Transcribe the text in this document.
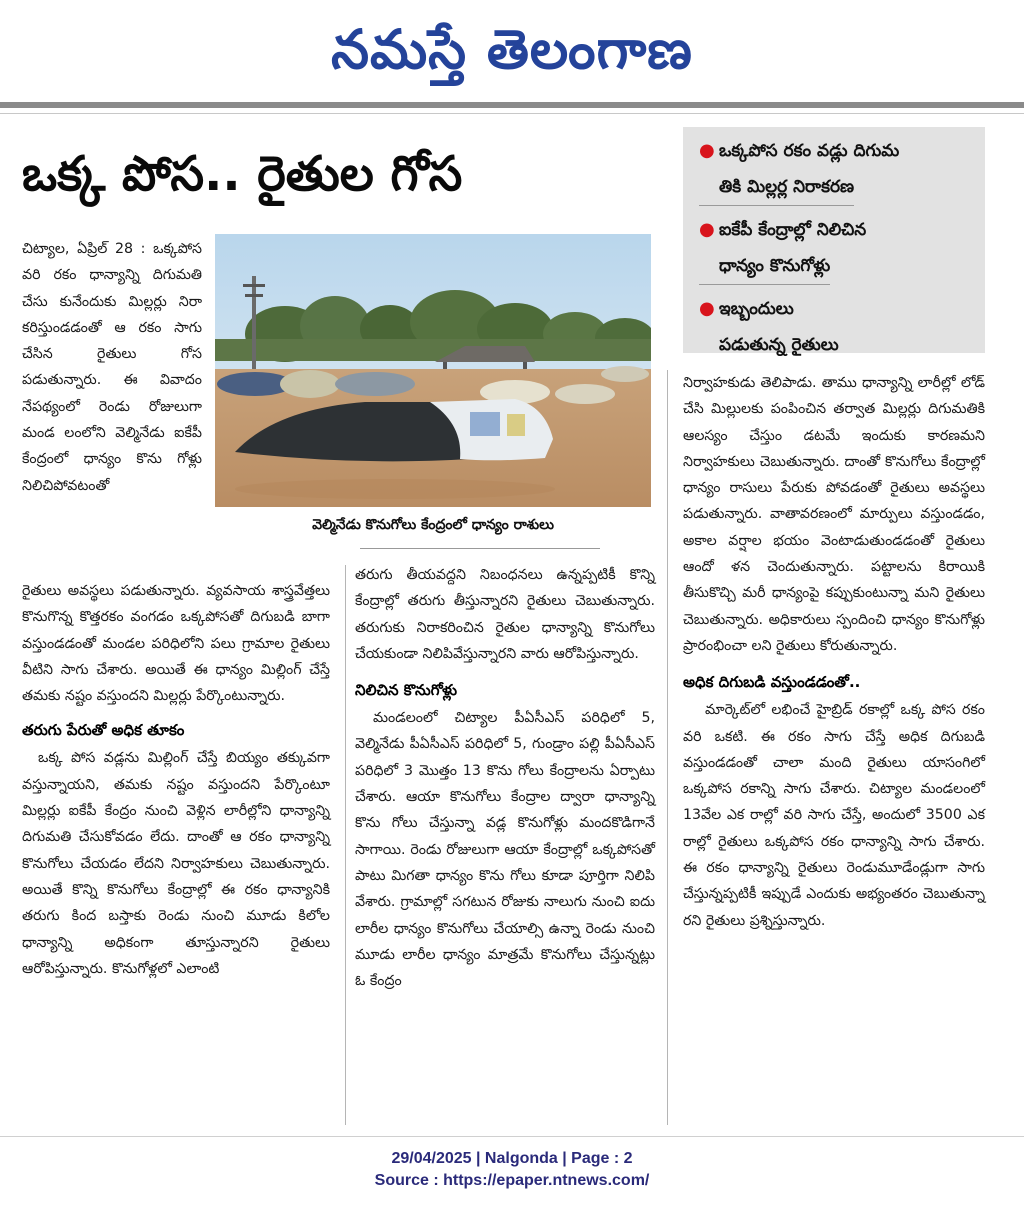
నమస్తే తెలంగాణ
ఒక్క పోస.. రైతుల గోస	● ఒక్కపోస రకం వడ్లు దిగుమ
తికి మిల్లర్ల నిరాకరణ
● ఐకేపీ కేంద్రాల్లో నిలిచిన
ధాన్యం కొనుగోళ్లు
● ఇబ్బందులు
పడుతున్న రైతులు
వెల్మినేడు కొనుగోలు కేంద్రంలో ధాన్యం రాశులు

చిట్యాల, ఏప్రిల్ 28 : ఒక్కపోస వరి రకం ధాన్యాన్ని దిగుమతి చేసు కునేందుకు మిల్లర్లు నిరా కరిస్తుండడంతో ఆ రకం సాగు చేసిన రైతులు గోస పడుతున్నారు. ఈ వివాదం నేపథ్యంలో రెండు రోజులుగా మండ లంలోని వెల్మినేడు ఐకేపీ కేంద్రంలో ధాన్యం కొను గోళ్లు నిలిచిపోవటంతో

రైతులు అవస్థలు పడుతున్నారు. వ్యవసాయ శాస్త్రవేత్తలు కొనుగొన్న కొత్తరకం వంగడం ఒక్కపోసతో దిగుబడి బాగా వస్తుండడంతో మండల పరిధిలోని పలు గ్రామాల రైతులు వీటిని సాగు చేశారు. అయితే ఈ ధాన్యం మిల్లింగ్ చేస్తే తమకు నష్టం వస్తుందని మిల్లర్లు పేర్కొంటున్నారు.

తరుగు పేరుతో అధిక తూకం

ఒక్క పోస వడ్లను మిల్లింగ్ చేస్తే బియ్యం తక్కువగా వస్తున్నాయని, తమకు నష్టం వస్తుందని పేర్కొంటూ మిల్లర్లు ఐకేపీ కేంద్రం నుంచి వెళ్లిన లారీల్లోని ధాన్యాన్ని దిగుమతి చేసుకోవడం లేదు. దాంతో ఆ రకం ధాన్యాన్ని కొనుగోలు చేయడం లేదని నిర్వాహకులు చెబుతున్నారు. అయితే కొన్ని కొనుగోలు కేంద్రాల్లో ఈ రకం ధాన్యానికి తరుగు కింద బస్తాకు రెండు నుంచి మూడు కిలోల ధాన్యాన్ని అధికంగా తూస్తున్నారని రైతులు ఆరోపిస్తున్నారు. కొనుగోళ్లలో ఎలాంటి

తరుగు తీయవద్దని నిబంధనలు ఉన్నప్పటికీ కొన్ని కేంద్రాల్లో తరుగు తీస్తున్నారని రైతులు చెబుతున్నారు. తరుగుకు నిరాకరించిన రైతుల ధాన్యాన్ని కొనుగోలు చేయకుండా నిలిపివేస్తున్నారని వారు ఆరోపిస్తున్నారు.

నిలిచిన కొనుగోళ్లు

మండలంలో చిట్యాల పీఏసీఎస్ పరిధిలో 5, వెల్మినేడు పీఏసీఎస్ పరిధిలో 5, గుండ్రాం పల్లి పీఏసీఎస్ పరిధిలో 3 మొత్తం 13 కొను గోలు కేంద్రాలను ఏర్పాటు చేశారు. ఆయా కొనుగోలు కేంద్రాల ద్వారా ధాన్యాన్ని కొను గోలు చేస్తున్నా వడ్ల కొనుగోళ్లు మందకొడిగానే సాగాయి. రెండు రోజులుగా ఆయా కేంద్రాల్లో ఒక్కపోసతో పాటు మిగతా ధాన్యం కొను గోలు కూడా పూర్తిగా నిలిపి వేశారు. గ్రామాల్లో సగటున రోజుకు నాలుగు నుంచి ఐదు లారీల ధాన్యం కొనుగోలు చేయాల్సి ఉన్నా రెండు నుంచి మూడు లారీల ధాన్యం మాత్రమే కొనుగోలు చేస్తున్నట్లు ఓ కేంద్రం

నిర్వాహకుడు తెలిపాడు. తాము ధాన్యాన్ని లారీల్లో లోడ్ చేసి మిల్లులకు పంపించిన తర్వాత మిల్లర్లు దిగుమతికి ఆలస్యం చేస్తుం డటమే ఇందుకు కారణమని నిర్వాహకులు చెబుతున్నారు. దాంతో కొనుగోలు కేంద్రాల్లో ధాన్యం రాసులు పేరుకు పోవడంతో రైతులు అవస్థలు పడుతున్నారు. వాతావరణంలో మార్పులు వస్తుండడం, అకాల వర్షాల భయం వెంటాడుతుండడంతో రైతులు ఆందో ళన చెందుతున్నారు. పట్టాలను కిరాయికి తీసుకొచ్చి మరీ ధాన్యంపై కప్పుకుంటున్నా మని రైతులు చెబుతున్నారు. అధికారులు స్పందించి ధాన్యం కొనుగోళ్లు ప్రారంభించా లని రైతులు కోరుతున్నారు.

అధిక దిగుబడి వస్తుండడంతో..

మార్కెట్‌లో లభించే హైబ్రిడ్ రకాల్లో ఒక్క పోస రకం వరి ఒకటి. ఈ రకం సాగు చేస్తే అధిక దిగుబడి వస్తుండడంతో చాలా మంది రైతులు యాసంగిలో ఒక్కపోస రకాన్ని సాగు చేశారు. చిట్యాల మండలంలో 13వేల ఎక రాల్లో వరి సాగు చేస్తే, అందులో 3500 ఎక రాల్లో రైతులు ఒక్కపోస రకం ధాన్యాన్ని సాగు చేశారు. ఈ రకం ధాన్యాన్ని రైతులు రెండుమూడేండ్లుగా సాగు చేస్తున్నప్పటికీ ఇప్పుడే ఎందుకు అభ్యంతరం చెబుతున్నా రని రైతులు ప్రశ్నిస్తున్నారు.

29/04/2025 | Nalgonda | Page : 2
Source : https://epaper.ntnews.com/
